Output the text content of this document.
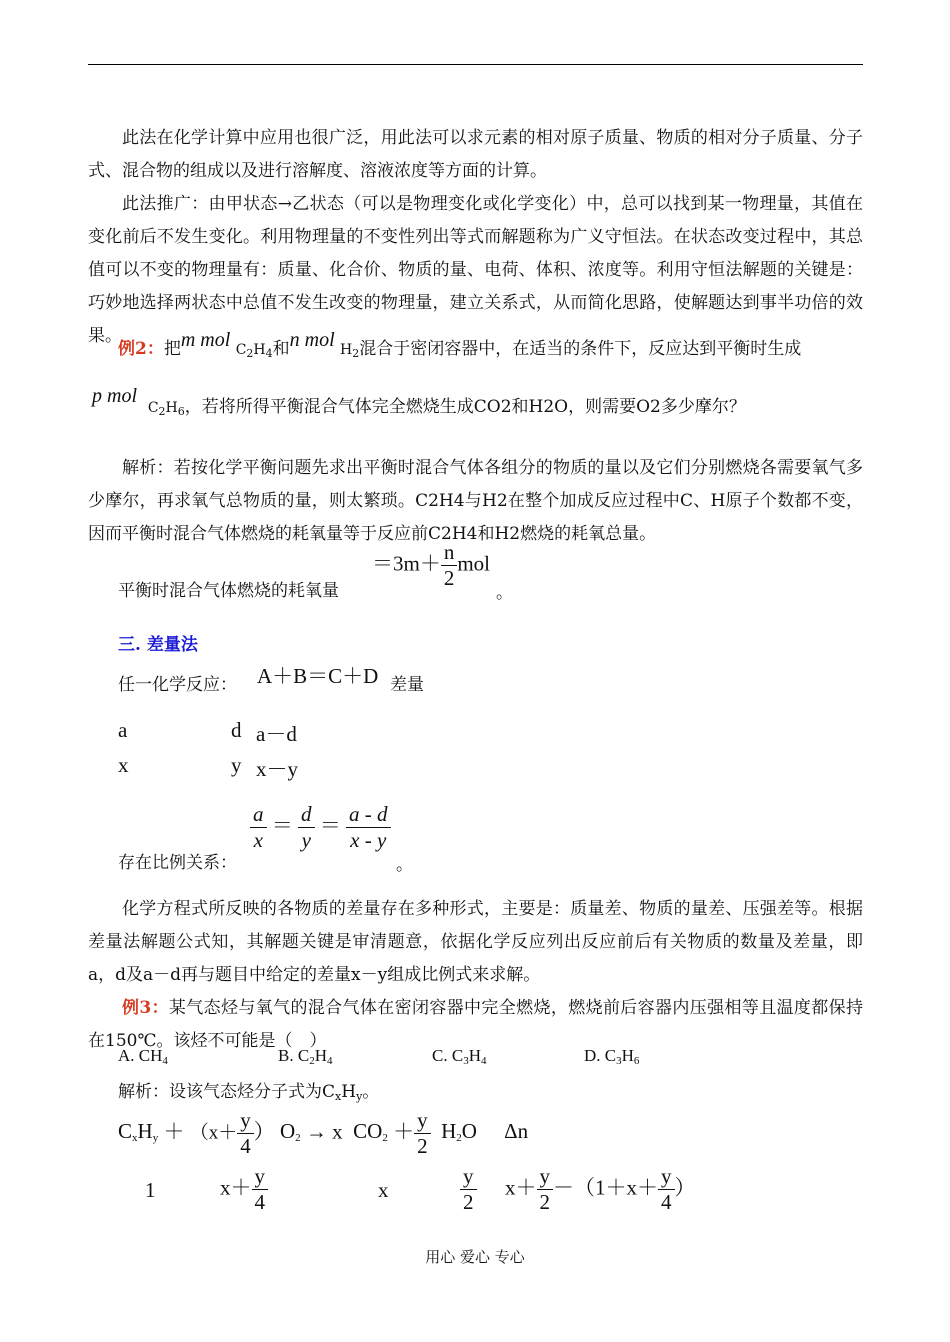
此法在化学计算中应用也很广泛，用此法可以求元素的相对原子质量、物质的相对分子质量、分子式、混合物的组成以及进行溶解度、溶液浓度等方面的计算。
此法推广：由甲状态→乙状态（可以是物理变化或化学变化）中，总可以找到某一物理量，其值在变化前后不发生变化。利用物理量的不变性列出等式而解题称为广义守恒法。在状态改变过程中，其总值可以不变的物理量有：质量、化合价、物质的量、电荷、体积、浓度等。利用守恒法解题的关键是：巧妙地选择两状态中总值不发生改变的物理量，建立关系式，从而简化思路，使解题达到事半功倍的效果。
例2：把m mol $C_2H_4$和n mol $H_2$混合于密闭容器中，在适当的条件下，反应达到平衡时生成
p mol  $C_2H_6$，若将所得平衡混合气体完全燃烧生成CO2和H2O，则需要O2多少摩尔？
解析：若按化学平衡问题先求出平衡时混合气体各组分的物质的量以及它们分别燃烧各需要氧气多少摩尔，再求氧气总物质的量，则太繁琐。C2H4与H2在整个加成反应过程中C、H原子个数都不变，因而平衡时混合气体燃烧的耗氧量等于反应前C2H4和H2燃烧的耗氧总量。
平衡时混合气体燃烧的耗氧量
$=3m+ \frac{n}{2}$ mol
。
三. 差量法
任一化学反应： A＋B＝C＋D 差量
a	d a－d
x	y x－y
存在比例关系：
$\frac{a}{x} = \frac{d}{y} = \frac{a - d}{x - y}$
。
化学方程式所反映的各物质的差量存在多种形式，主要是：质量差、物质的量差、压强差等。根据差量法解题公式知，其解题关键是审清题意，依据化学反应列出反应前后有关物质的数量及差量，即a，d及a－d再与题目中给定的差量x－y组成比例式来求解。
例3：某气态烃与氧气的混合气体在密闭容器中完全燃烧，燃烧前后容器内压强相等且温度都保持在150℃。该烃不可能是（　）
A. $CH_4$	B. $C_2H_4$	C. $C_3H_4$	D. $C_3H_6$
解析：设该气态烃分子式为$C_xH_y$。
$C_xH_y + (x+ \frac{y}{4}$ ） $O_2 \to x$  $CO_2 + \frac{y}{2} H_2O$ Δn
1	$x+ \frac{y}{4}$	x	$\frac{y}{2} x+ \frac{y}{2} -(1+x+ \frac{y}{4}$ ）
用心 爱心 专心
